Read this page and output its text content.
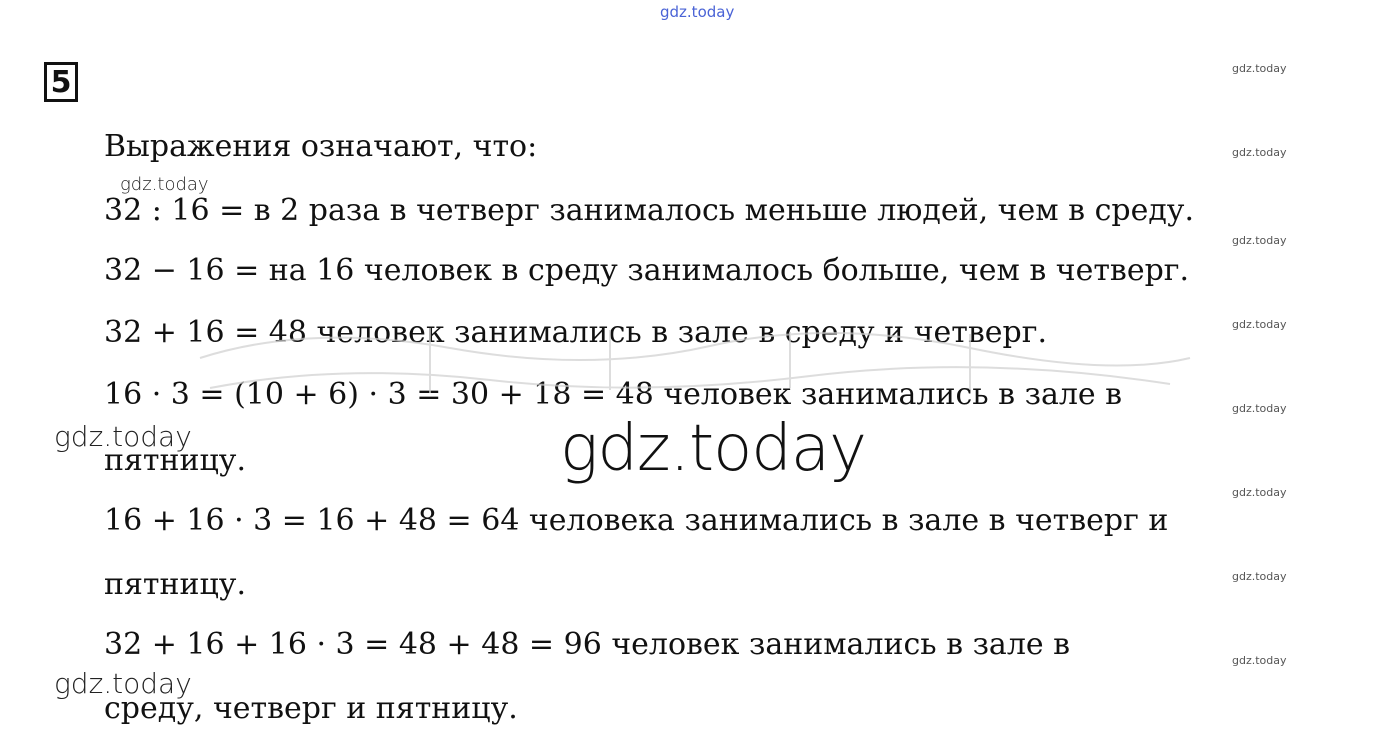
gdz.today
gdz.today
gdz.today
gdz.today
gdz.today
gdz.today
gdz.today
gdz.today
gdz.today
gdz.today
gdz.today
gdz.today
5
Выражения означают, что:
32 : 16 = в 2 раза в четверг занималось меньше людей, чем в среду.
32 − 16 = на 16 человек в среду занималось больше, чем в четверг.
32 + 16 = 48 человек занимались в зале в среду и четверг.
16 · 3 = (10 + 6) · 3 = 30 + 18 = 48 человек занимались в зале в
пятницу.
16 + 16 · 3 = 16 + 48 = 64 человека занимались в зале в четверг и
пятницу.
32 + 16 + 16 · 3 = 48 + 48 = 96 человек занимались в зале в
среду, четверг и пятницу.
gdz.today
